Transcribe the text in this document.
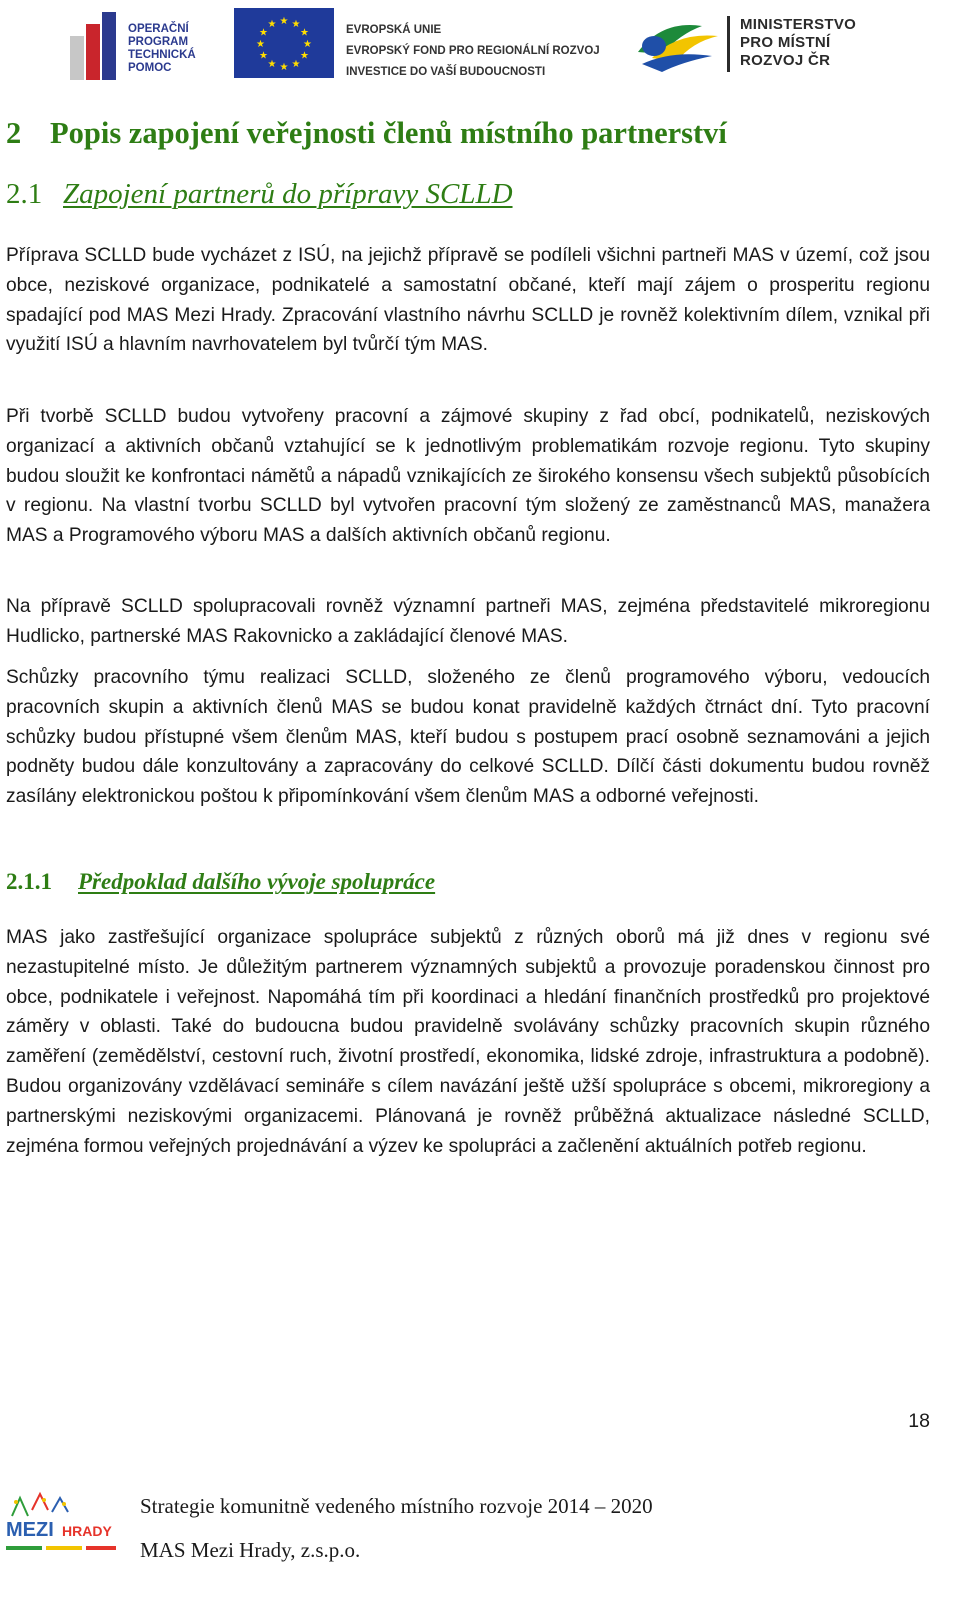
OPERAČNÍ
PROGRAM
TECHNICKÁ
POMOC
★ ★
★
★
★
★
★
★
★
★
★
★	EVROPSKÁ UNIE
EVROPSKÝ FOND PRO REGIONÁLNÍ ROZVOJ
INVESTICE DO VAŠÍ BUDOUCNOSTI
MINISTERSTVO
PRO MÍSTNÍ
ROZVOJ ČR
2 Popis zapojení veřejnosti členů místního partnerství
2.1 Zapojení partnerů do přípravy SCLLD

Příprava SCLLD bude vycházet z ISÚ, na jejichž přípravě se podíleli všichni partneři MAS v území, což jsou obce, neziskové organizace, podnikatelé a samostatní občané, kteří mají zájem o prosperitu regionu spadající pod MAS Mezi Hrady. Zpracování vlastního návrhu SCLLD je rovněž kolektivním dílem, vznikal při využití ISÚ a hlavním navrhovatelem byl tvůrčí tým MAS.

Při tvorbě SCLLD budou vytvořeny pracovní a zájmové skupiny z řad obcí, podnikatelů, neziskových organizací a aktivních občanů vztahující se k jednotlivým problematikám rozvoje regionu. Tyto skupiny budou sloužit ke konfrontaci námětů a nápadů vznikajících ze širokého konsensu všech subjektů působících v regionu. Na vlastní tvorbu SCLLD byl vytvořen pracovní tým složený ze zaměstnanců MAS, manažera MAS a Programového výboru MAS a dalších aktivních občanů regionu.

Na přípravě SCLLD spolupracovali rovněž významní partneři MAS, zejména představitelé mikroregionu Hudlicko, partnerské MAS Rakovnicko a zakládající členové MAS.

Schůzky pracovního týmu realizaci SCLLD, složeného ze členů programového výboru, vedoucích pracovních skupin a aktivních členů MAS se budou konat pravidelně každých čtrnáct dní. Tyto pracovní schůzky budou přístupné všem členům MAS, kteří budou s postupem prací osobně seznamováni a jejich podněty budou dále konzultovány a zapracovány do celkové SCLLD. Dílčí části dokumentu budou rovněž zasílány elektronickou poštou k připomínkování všem členům MAS a odborné veřejnosti.

2.1.1 Předpoklad dalšího vývoje spolupráce

MAS jako zastřešující organizace spolupráce subjektů z různých oborů má již dnes v regionu své nezastupitelné místo. Je důležitým partnerem významných subjektů a provozuje poradenskou činnost pro obce, podnikatele i veřejnost. Napomáhá tím při koordinaci a hledání finančních prostředků pro projektové záměry v oblasti. Také do budoucna budou pravidelně svolávány schůzky pracovních skupin různého zaměření (zemědělství, cestovní ruch, životní prostředí, ekonomika, lidské zdroje, infrastruktura a podobně). Budou organizovány vzdělávací semináře s cílem navázání ještě užší spolupráce s obcemi, mikroregiony a partnerskými neziskovými organizacemi. Plánovaná je rovněž průběžná aktualizace následné SCLLD, zejména formou veřejných projednávání a výzev ke spolupráci a začlenění aktuálních potřeb regionu.

18
MEZI HRADY
Strategie komunitně vedeného místního rozvoje 2014 – 2020
MAS Mezi Hrady, z.s.p.o.
